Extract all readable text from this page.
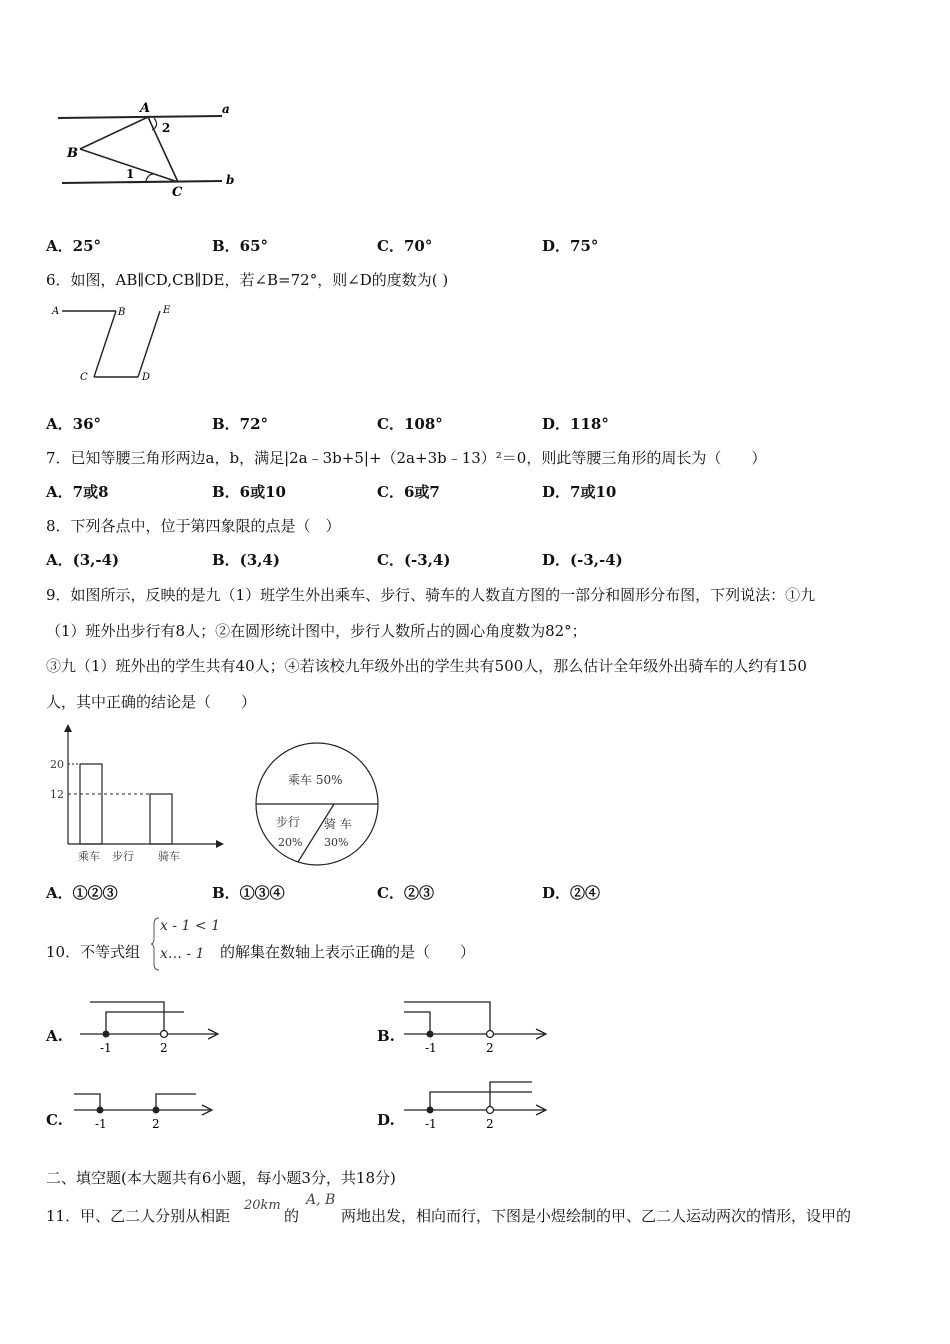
A	a
B
b
C
1
2
A．25°	B．65°	C．70°	D．75°
6．如图，AB∥CD,CB∥DE，若∠B=72°，则∠D的度数为( )
A	B
C	D
E
A．36°	B．72°	C．108°	D．118°
7．已知等腰三角形两边a，b，满足|2a﹣3b+5|+（2a+3b﹣13）²＝0，则此等腰三角形的周长为（　　）
A．7或8	B．6或10	C．6或7	D．7或10
8．下列各点中，位于第四象限的点是（　）
A．(3,-4)	B．(3,4)	C．(-3,4)	D．(-3,-4)
9．如图所示，反映的是九（1）班学生外出乘车、步行、骑车的人数直方图的一部分和圆形分布图，下列说法：①九
（1）班外出步行有8人；②在圆形统计图中，步行人数所占的圆心角度数为82°；
③九（1）班外出的学生共有40人；④若该校九年级外出的学生共有500人，那么估计全年级外出骑车的人约有150
人，其中正确的结论是（　　）
20
12
乘车 步行 骑车
乘车 50%
步行
20%
骑 车
30%
A．①②③	B．①③④	C．②③	D．②④
10．不等式组
x - 1 < 1
x… - 1 的解集在数轴上表示正确的是（　　）
A.
-1	2
B.
-1	2
C.	-1	2	D.	-1	2
二、填空题(本大题共有6小题，每小题3分，共18分)
11．甲、乙二人分别从相距
20km
的
A, B
两地出发，相向而行，下图是小煜绘制的甲、乙二人运动两次的情形，设甲的
